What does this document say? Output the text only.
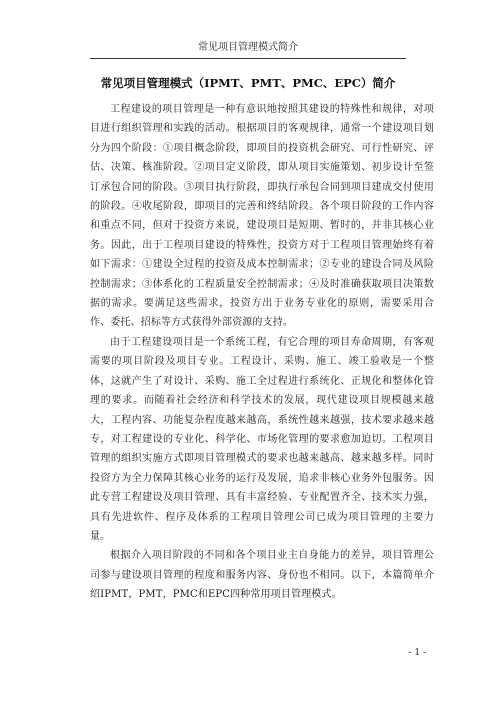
常见项目管理模式简介
常见项目管理模式（IPMT、PMT、PMC、EPC）简介

工程建设的项目管理是一种有意识地按照其建设的特殊性和规律，对项目进行组织管理和实践的活动。根据项目的客观规律，通常一个建设项目划分为四个阶段：①项目概念阶段，即项目的投资机会研究、可行性研究、评估、决策、核准阶段。②项目定义阶段，即从项目实施策划、初步设计至签订承包合同的阶段。③项目执行阶段，即执行承包合同到项目建成交付使用的阶段。④收尾阶段，即项目的完善和终结阶段。各个项目阶段的工作内容和重点不同，但对于投资方来说，建设项目是短期、暂时的，并非其核心业务。因此，出于工程项目建设的特殊性，投资方对于工程项目管理始终有着如下需求：①建设全过程的投资及成本控制需求；②专业的建设合同及风险控制需求；③体系化的工程质量安全控制需求；④及时准确获取项目决策数据的需求。要满足这些需求，投资方出于业务专业化的原则，需要采用合作、委托、招标等方式获得外部资源的支持。

由于工程建设项目是一个系统工程，有它合理的项目寿命周期，有客观需要的项目阶段及项目专业。工程设计、采购、施工、竣工验收是一个整体，这就产生了对设计、采购、施工全过程进行系统化、正规化和整体化管理的要求。而随着社会经济和科学技术的发展，现代建设项目规模越来越大，工程内容、功能复杂程度越来越高，系统性越来越强，技术要求越来越专，对工程建设的专业化、科学化、市场化管理的要求愈加迫切。工程项目管理的组织实施方式即项目管理模式的要求也越来越高、越来越多样。同时投资方为全力保障其核心业务的运行及发展，追求非核心业务外包服务。因此专营工程建设及项目管理、具有丰富经验、专业配置齐全、技术实力强，具有先进软件、程序及体系的工程项目管理公司已成为项目管理的主要力量。

根据介入项目阶段的不同和各个项目业主自身能力的差异，项目管理公司参与建设项目管理的程度和服务内容、身份也不相同。以下，本篇简单介绍IPMT，PMT，PMC和EPC四种常用项目管理模式。

- 1 -
